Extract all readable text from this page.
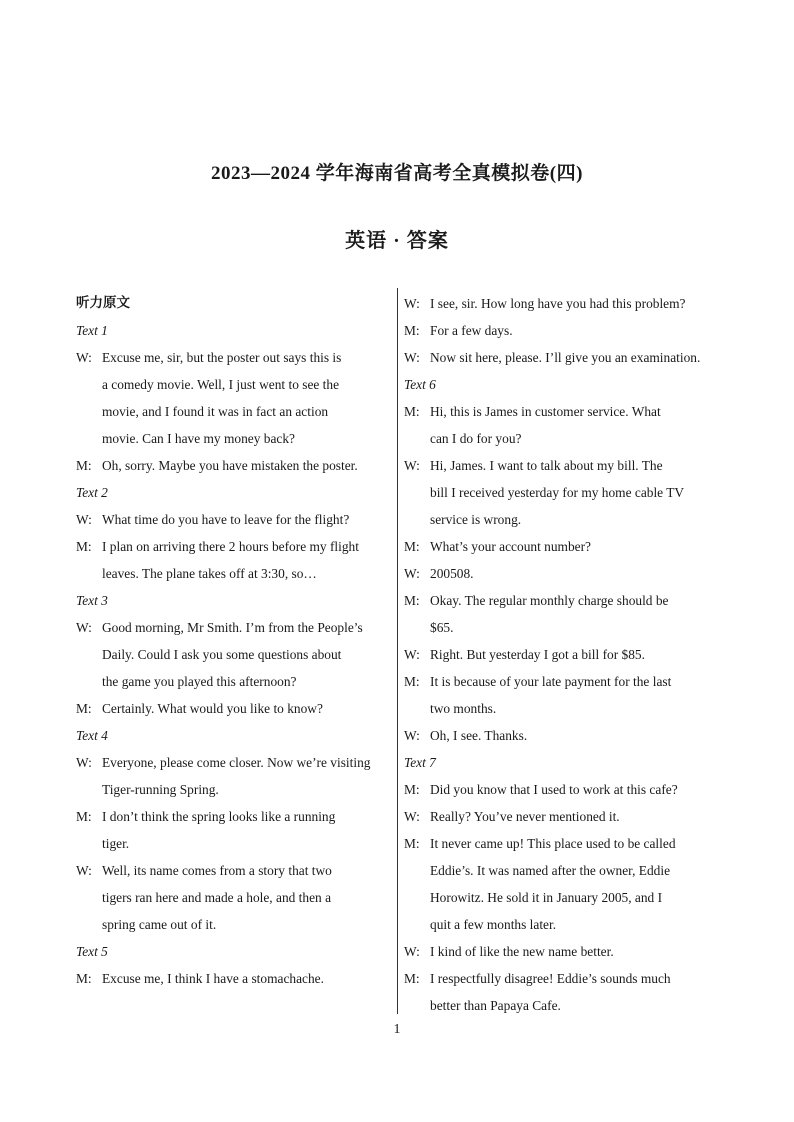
2023—2024 学年海南省高考全真模拟卷(四)
英语 · 答案
听力原文
Text 1
W: Excuse me, sir, but the poster out says this is
a comedy movie. Well, I just went to see the
movie, and I found it was in fact an action
movie. Can I have my money back?
M: Oh, sorry. Maybe you have mistaken the poster.
Text 2
W: What time do you have to leave for the flight?
M: I plan on arriving there 2 hours before my flight
leaves. The plane takes off at 3:30, so…
Text 3
W: Good morning, Mr Smith. I’m from the People’s
Daily. Could I ask you some questions about
the game you played this afternoon?
M: Certainly. What would you like to know?
Text 4
W: Everyone, please come closer. Now we’re visiting
Tiger-running Spring.
M: I don’t think the spring looks like a running
tiger.
W: Well, its name comes from a story that two
tigers ran here and made a hole, and then a
spring came out of it.
Text 5
M: Excuse me, I think I have a stomachache.
W: I see, sir. How long have you had this problem?
M: For a few days.
W: Now sit here, please. I’ll give you an examination.
Text 6
M: Hi, this is James in customer service. What
can I do for you?
W: Hi, James. I want to talk about my bill. The
bill I received yesterday for my home cable TV
service is wrong.
M: What’s your account number?
W: 200508.
M: Okay. The regular monthly charge should be
$65.
W: Right. But yesterday I got a bill for $85.
M: It is because of your late payment for the last
two months.
W: Oh, I see. Thanks.
Text 7
M: Did you know that I used to work at this cafe?
W: Really? You’ve never mentioned it.
M: It never came up! This place used to be called
Eddie’s. It was named after the owner, Eddie
Horowitz. He sold it in January 2005, and I
quit a few months later.
W: I kind of like the new name better.
M: I respectfully disagree! Eddie’s sounds much
better than Papaya Cafe.
1
